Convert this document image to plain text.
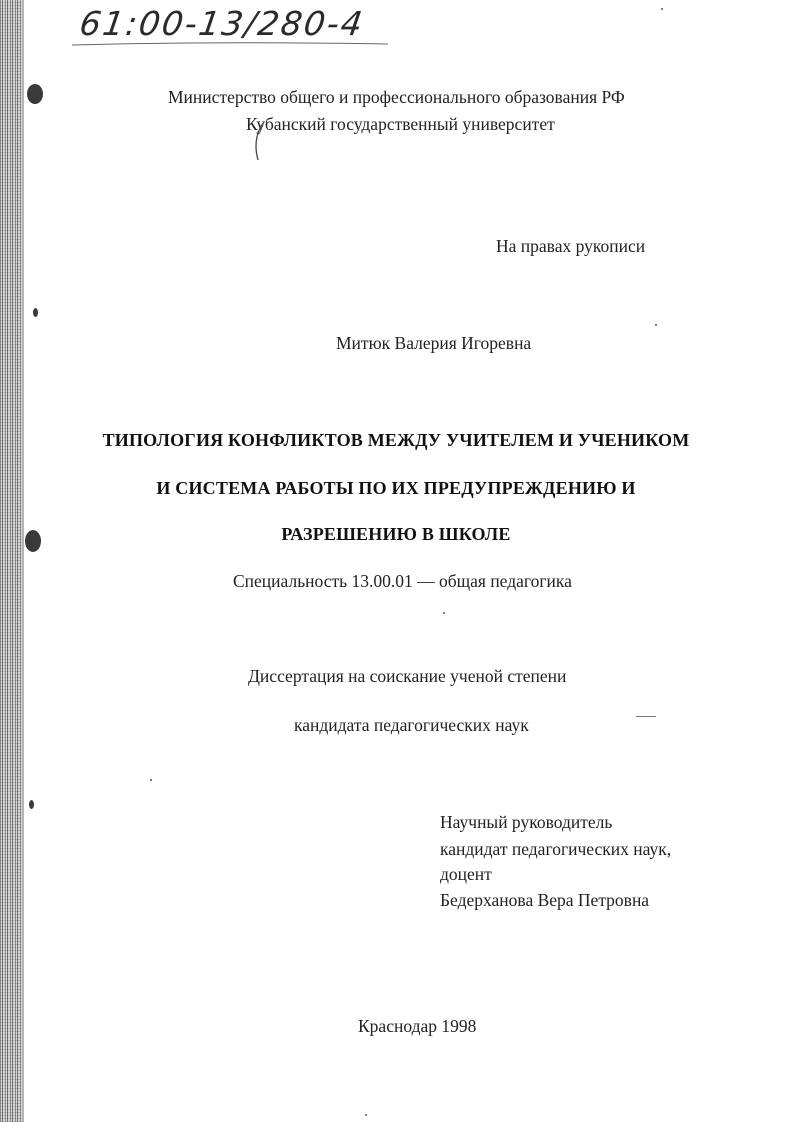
61:00-13/280-4
Министерство общего и профессионального образования РФ
Кубанский государственный университет
На правах рукописи
Митюк Валерия Игоревна
ТИПОЛОГИЯ КОНФЛИКТОВ МЕЖДУ УЧИТЕЛЕМ И УЧЕНИКОМ
И СИСТЕМА РАБОТЫ ПО ИХ ПРЕДУПРЕЖДЕНИЮ И
РАЗРЕШЕНИЮ В ШКОЛЕ
Специальность 13.00.01 — общая педагогика
Диссертация на соискание ученой степени
кандидата педагогических наук
Научный руководитель
кандидат педагогических наук,
доцент
Бедерханова Вера Петровна
Краснодар 1998
